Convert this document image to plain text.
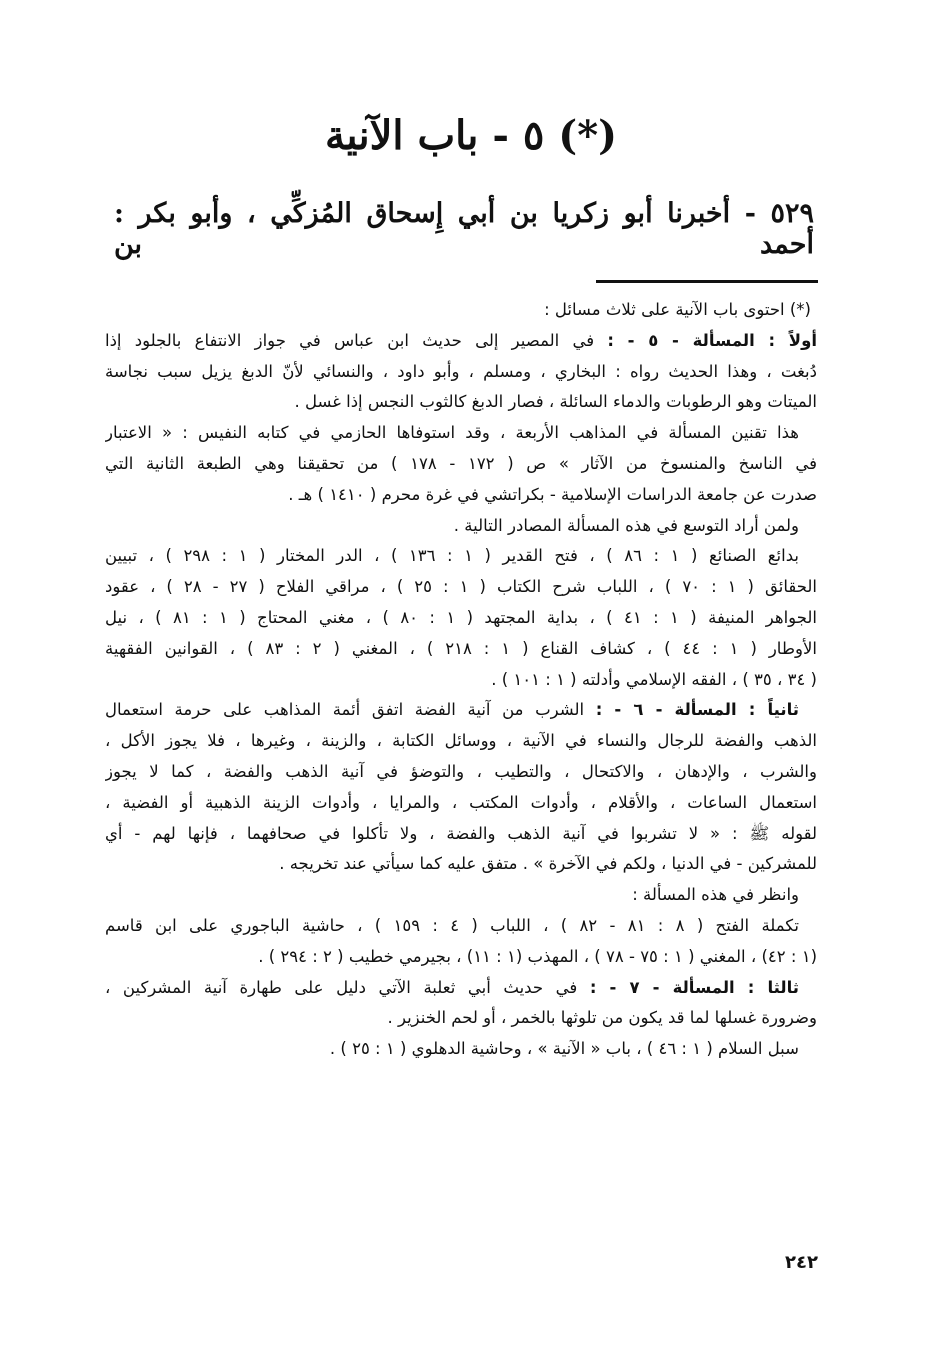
٥ - باب الآنية (*)
٥٢٩ - أخبرنا أبو زكريا بن أبي إِسحاق المُزكِّي ، وأبو بكر : أحمد بن
(*) احتوى باب الآنية على ثلاث مسائل :
أولاً : المسألة - ٥ - : في المصير إلى حديث ابن عباس في جواز الانتفاع بالجلود إذا
دُبغت ، وهذا الحديث رواه : البخاري ، ومسلم ، وأبو داود ، والنسائي لأنّ الدبغ يزيل سبب نجاسة
الميتات وهو الرطوبات والدماء السائلة ، فصار الدبغ كالثوب النجس إذا غسل .
هذا تقنين المسألة في المذاهب الأربعة ، وقد استوفاها الحازمي في كتابه النفيس : « الاعتبار
في الناسخ والمنسوخ من الآثار » ص ( ١٧٢ - ١٧٨ ) من تحقيقنا وهي الطبعة الثانية التي
صدرت عن جامعة الدراسات الإسلامية - بكراتشي في غرة محرم ( ١٤١٠ ) هـ .
ولمن أراد التوسع في هذه المسألة المصادر التالية .
بدائع الصنائع ( ١ : ٨٦ ) ، فتح القدير ( ١ : ١٣٦ ) ، الدر المختار ( ١ : ٢٩٨ ) ، تبيين
الحقائق ( ١ : ٧٠ ) ، اللباب شرح الكتاب ( ١ : ٢٥ ) ، مراقي الفلاح ( ٢٧ - ٢٨ ) ، عقود
الجواهر المنيفة ( ١ : ٤١ ) ، بداية المجتهد ( ١ : ٨٠ ) ، مغني المحتاج ( ١ : ٨١ ) ، نيل
الأوطار ( ١ : ٤٤ ) ، كشاف القناع ( ١ : ٢١٨ ) ، المغني ( ٢ : ٨٣ ) ، القوانين الفقهية
( ٣٤ ، ٣٥ ) ، الفقه الإسلامي وأدلته ( ١ : ١٠١ ) .
ثانياً : المسألة - ٦ - : الشرب من آنية الفضة اتفق أئمة المذاهب على حرمة استعمال
الذهب والفضة للرجال والنساء في الآنية ، ووسائل الكتابة ، والزينة ، وغيرها ، فلا يجوز الأكل ،
والشرب ، والإدهان ، والاكتحال ، والتطيب ، والتوضؤ في آنية الذهب والفضة ، كما لا يجوز
استعمال الساعات ، والأقلام ، وأدوات المكتب ، والمرايا ، وأدوات الزينة الذهبية أو الفضية ،
لقوله ﷺ : « لا تشربوا في آنية الذهب والفضة ، ولا تأكلوا في صحافهما ، فإنها لهم - أي
للمشركين - في الدنيا ، ولكم في الآخرة » . متفق عليه كما سيأتي عند تخريجه .
وانظر في هذه المسألة :
تكملة الفتح ( ٨ : ٨١ - ٨٢ ) ، اللباب ( ٤ : ١٥٩ ) ، حاشية الباجوري على ابن قاسم
(١ : ٤٢) ، المغني ( ١ : ٧٥ - ٧٨ ) ، المهذب (١ : ١١) ، بجيرمي خطيب ( ٢ : ٢٩٤ ) .
ثالثا : المسألة - ٧ - : في حديث أبي ثعلبة الآتي دليل على طهارة آنية المشركين ،
وضرورة غسلها لما قد يكون من تلوثها بالخمر ، أو لحم الخنزير .
سبل السلام ( ١ : ٤٦ ) ، باب « الآنية » ، وحاشية الدهلوي ( ١ : ٢٥ ) .
٢٤٢
